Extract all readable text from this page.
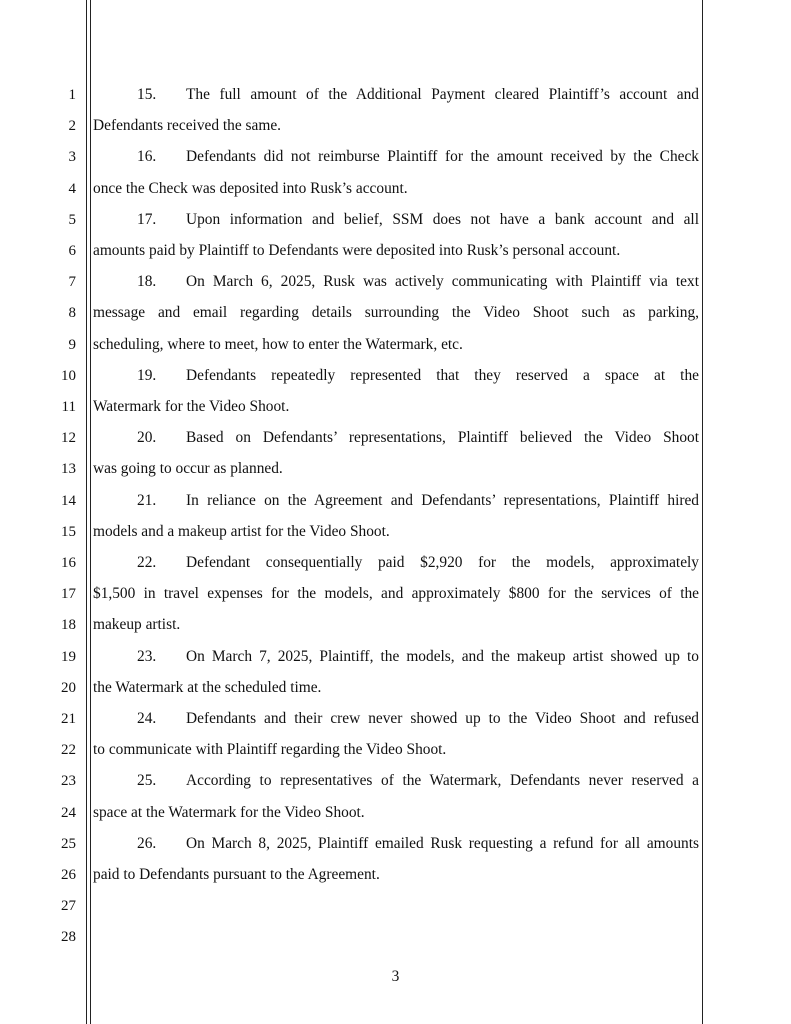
1
2
3
4
5
6
7
8
9
10
11
12
13
14
15
16
17
18
19
20
21
22
23
24
25
26
27
28
15. The full amount of the Additional Payment cleared Plaintiff’s account and
Defendants received the same.
16. Defendants did not reimburse Plaintiff for the amount received by the Check
once the Check was deposited into Rusk’s account.
17. Upon information and belief, SSM does not have a bank account and all
amounts paid by Plaintiff to Defendants were deposited into Rusk’s personal account.
18. On March 6, 2025, Rusk was actively communicating with Plaintiff via text
message and email regarding details surrounding the Video Shoot such as parking,
scheduling, where to meet, how to enter the Watermark, etc.
19. Defendants repeatedly represented that they reserved a space at the
Watermark for the Video Shoot.
20. Based on Defendants’ representations, Plaintiff believed the Video Shoot
was going to occur as planned.
21. In reliance on the Agreement and Defendants’ representations, Plaintiff hired
models and a makeup artist for the Video Shoot.
22. Defendant consequentially paid $2,920 for the models, approximately
$1,500 in travel expenses for the models, and approximately $800 for the services of the
makeup artist.
23. On March 7, 2025, Plaintiff, the models, and the makeup artist showed up to
the Watermark at the scheduled time.
24. Defendants and their crew never showed up to the Video Shoot and refused
to communicate with Plaintiff regarding the Video Shoot.
25. According to representatives of the Watermark, Defendants never reserved a
space at the Watermark for the Video Shoot.
26. On March 8, 2025, Plaintiff emailed Rusk requesting a refund for all amounts
paid to Defendants pursuant to the Agreement.
3
